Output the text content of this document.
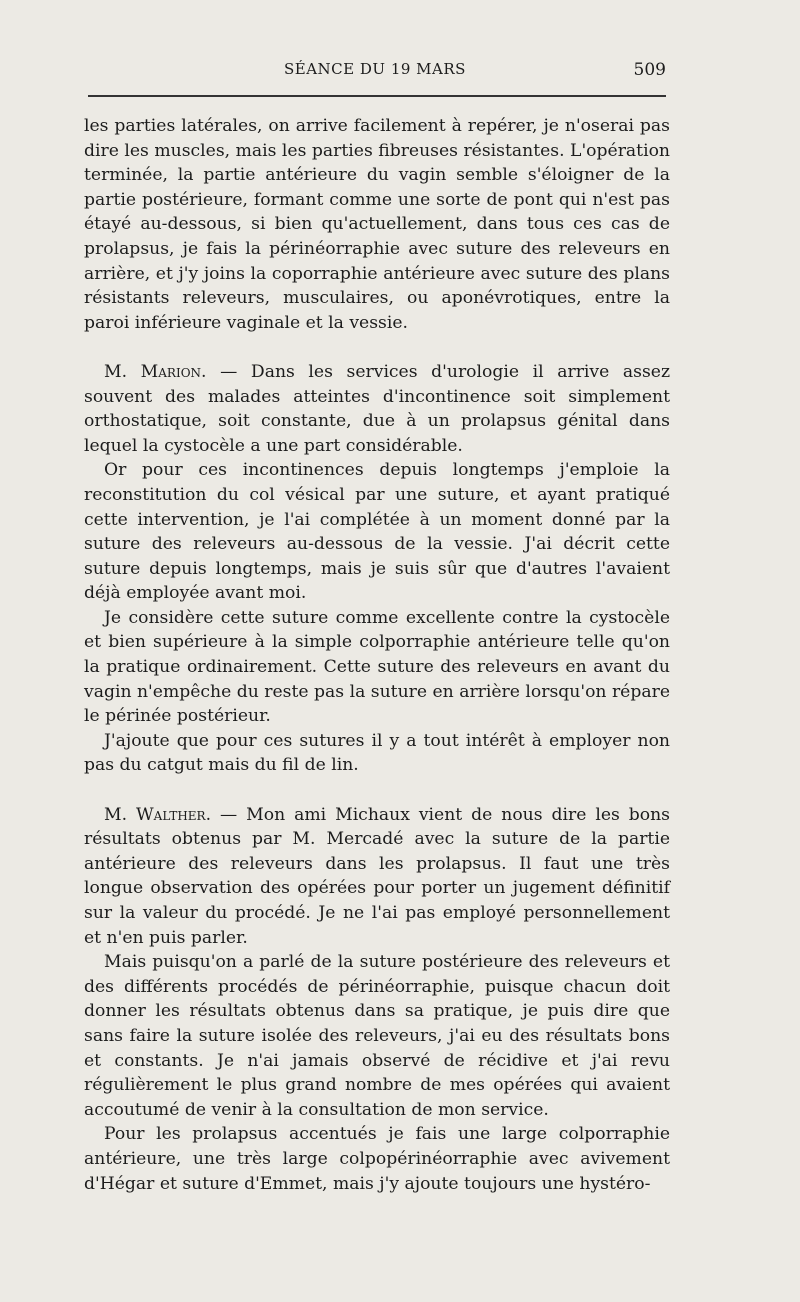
SÉANCE DU 19 MARS	509

les parties latérales, on arrive facilement à repérer, je n'oserai pas dire les muscles, mais les parties fibreuses résistantes. L'opération terminée, la partie antérieure du vagin semble s'éloigner de la partie postérieure, formant comme une sorte de pont qui n'est pas étayé au-dessous, si bien qu'actuellement, dans tous ces cas de prolapsus, je fais la périnéorraphie avec suture des releveurs en arrière, et j'y joins la coporraphie antérieure avec suture des plans résistants releveurs, musculaires, ou aponévrotiques, entre la paroi inférieure vaginale et la vessie.

M. Marion. — Dans les services d'urologie il arrive assez souvent des malades atteintes d'incontinence soit simplement orthostatique, soit constante, due à un prolapsus génital dans lequel la cystocèle a une part considérable.

Or pour ces incontinences depuis longtemps j'emploie la reconstitution du col vésical par une suture, et ayant pratiqué cette intervention, je l'ai complétée à un moment donné par la suture des releveurs au-dessous de la vessie. J'ai décrit cette suture depuis longtemps, mais je suis sûr que d'autres l'avaient déjà employée avant moi.

Je considère cette suture comme excellente contre la cystocèle et bien supérieure à la simple colporraphie antérieure telle qu'on la pratique ordinairement. Cette suture des releveurs en avant du vagin n'empêche du reste pas la suture en arrière lorsqu'on répare le périnée postérieur.

J'ajoute que pour ces sutures il y a tout intérêt à employer non pas du catgut mais du fil de lin.

M. Walther. — Mon ami Michaux vient de nous dire les bons résultats obtenus par M. Mercadé avec la suture de la partie antérieure des releveurs dans les prolapsus. Il faut une très longue observation des opérées pour porter un jugement définitif sur la valeur du procédé. Je ne l'ai pas employé personnellement et n'en puis parler.

Mais puisqu'on a parlé de la suture postérieure des releveurs et des différents procédés de périnéorraphie, puisque chacun doit donner les résultats obtenus dans sa pratique, je puis dire que sans faire la suture isolée des releveurs, j'ai eu des résultats bons et constants. Je n'ai jamais observé de récidive et j'ai revu régulièrement le plus grand nombre de mes opérées qui avaient accoutumé de venir à la consultation de mon service.

Pour les prolapsus accentués je fais une large colporraphie antérieure, une très large colpopérinéorraphie avec avivement d'Hégar et suture d'Emmet, mais j'y ajoute toujours une hystéro-
